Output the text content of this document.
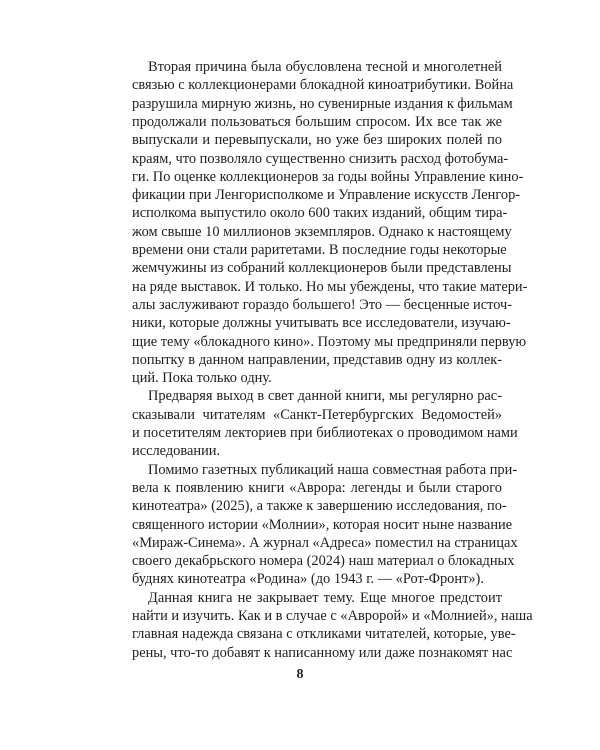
Вторая причина была обусловлена тесной и многолетней
связью с коллекционерами блокадной киноатрибутики. Война
разрушила мирную жизнь, но сувенирные издания к фильмам
продолжали пользоваться большим спросом. Их все так же
выпускали и перевыпускали, но уже без широких полей по
краям, что позволяло существенно снизить расход фотобума-
ги. По оценке коллекционеров за годы войны Управление кино-
фикации при Ленгорисполкоме и Управление искусств Ленгор-
исполкома выпустило около 600 таких изданий, общим тира-
жом свыше 10 миллионов экземпляров. Однако к настоящему
времени они стали раритетами. В последние годы некоторые
жемчужины из собраний коллекционеров были представлены
на ряде выставок. И только. Но мы убеждены, что такие матери-
алы заслуживают гораздо большего! Это — бесценные источ-
ники, которые должны учитывать все исследователи, изучаю-
щие тему «блокадного кино». Поэтому мы предприняли первую
попытку в данном направлении, представив одну из коллек-
ций. Пока только одну.
Предваряя выход в свет данной книги, мы регулярно рас-
сказывали читателям «Санкт-Петербургских Ведомостей»
и посетителям лекториев при библиотеках о проводимом нами
исследовании.
Помимо газетных публикаций наша совместная работа при-
вела к появлению книги «Аврора: легенды и были старого
кинотеатра» (2025), а также к завершению исследования, по-
священного истории «Молнии», которая носит ныне название
«Мираж-Синема». А журнал «Адреса» поместил на страницах
своего декабрьского номера (2024) наш материал о блокадных
буднях кинотеатра «Родина» (до 1943 г. — «Рот-Фронт»).
Данная книга не закрывает тему. Еще многое предстоит
найти и изучить. Как и в случае с «Авророй» и «Молнией», наша
главная надежда связана с откликами читателей, которые, уве-
рены, что-то добавят к написанному или даже познакомят нас
8
